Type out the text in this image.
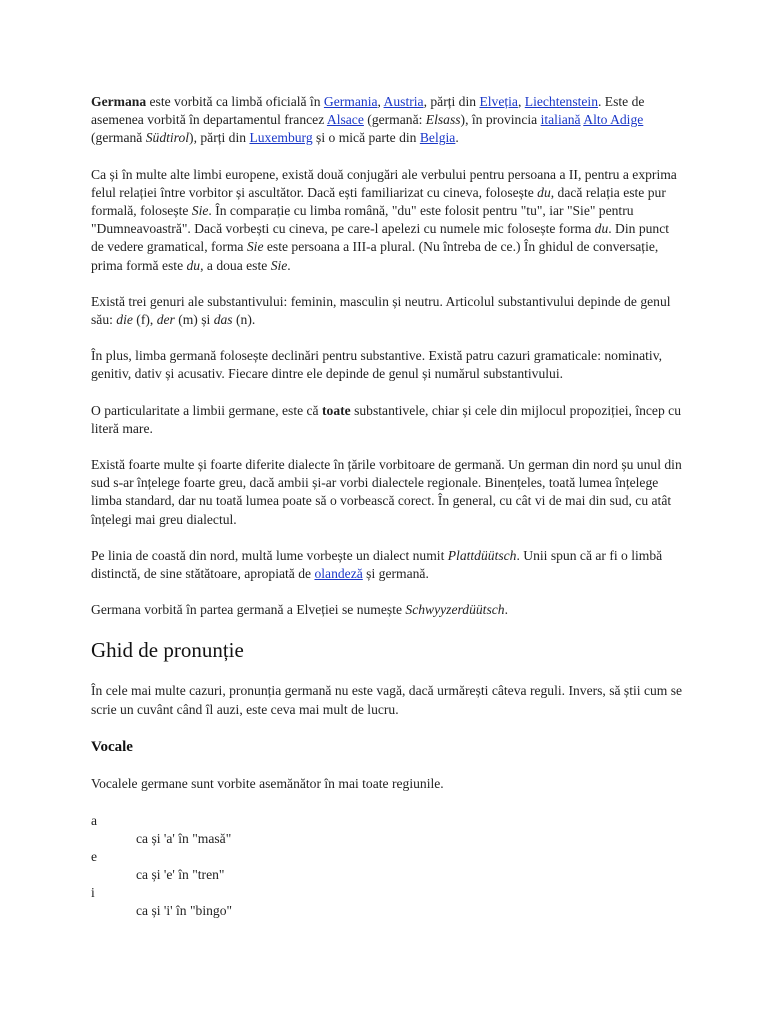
Germana este vorbită ca limbă oficială în Germania, Austria, părți din Elveția, Liechtenstein. Este de asemenea vorbită în departamentul francez Alsace (germană: Elsass), în provincia italiană Alto Adige (germană Südtirol), părți din Luxemburg și o mică parte din Belgia.

Ca și în multe alte limbi europene, există două conjugări ale verbului pentru persoana a II, pentru a exprima felul relației între vorbitor și ascultător. Dacă ești familiarizat cu cineva, folosește du, dacă relația este pur formală, folosește Sie. În comparație cu limba română, "du" este folosit pentru "tu", iar "Sie" pentru "Dumneavoastră". Dacă vorbești cu cineva, pe care-l apelezi cu numele mic folosește forma du. Din punct de vedere gramatical, forma Sie este persoana a III-a plural. (Nu întreba de ce.) În ghidul de conversație, prima formă este du, a doua este Sie.

Există trei genuri ale substantivului: feminin, masculin și neutru. Articolul substantivului depinde de genul său: die (f), der (m) și das (n).

În plus, limba germană folosește declinări pentru substantive. Există patru cazuri gramaticale: nominativ, genitiv, dativ și acusativ. Fiecare dintre ele depinde de genul și numărul substantivului.

O particularitate a limbii germane, este că toate substantivele, chiar și cele din mijlocul propoziției, încep cu literă mare.

Există foarte multe și foarte diferite dialecte în țările vorbitoare de germană. Un german din nord șu unul din sud s-ar înțelege foarte greu, dacă ambii și-ar vorbi dialectele regionale. Binențeles, toată lumea înțelege limba standard, dar nu toată lumea poate să o vorbească corect. În general, cu cât vi de mai din sud, cu atât înțelegi mai greu dialectul.

Pe linia de coastă din nord, multă lume vorbește un dialect numit Plattdüütsch. Unii spun că ar fi o limbă distinctă, de sine stătătoare, apropiată de olandeză și germană.

Germana vorbită în partea germană a Elveției se numește Schwyyzerdüütsch.

Ghid de pronunție

În cele mai multe cazuri, pronunția germană nu este vagă, dacă urmărești câteva reguli. Invers, să știi cum se scrie un cuvânt când îl auzi, este ceva mai mult de lucru.

Vocale

Vocalele germane sunt vorbite asemănător în mai toate regiunile.

a
ca și 'a' în "masă"
e
ca și 'e' în "tren"
i
ca și 'i' în "bingo"
